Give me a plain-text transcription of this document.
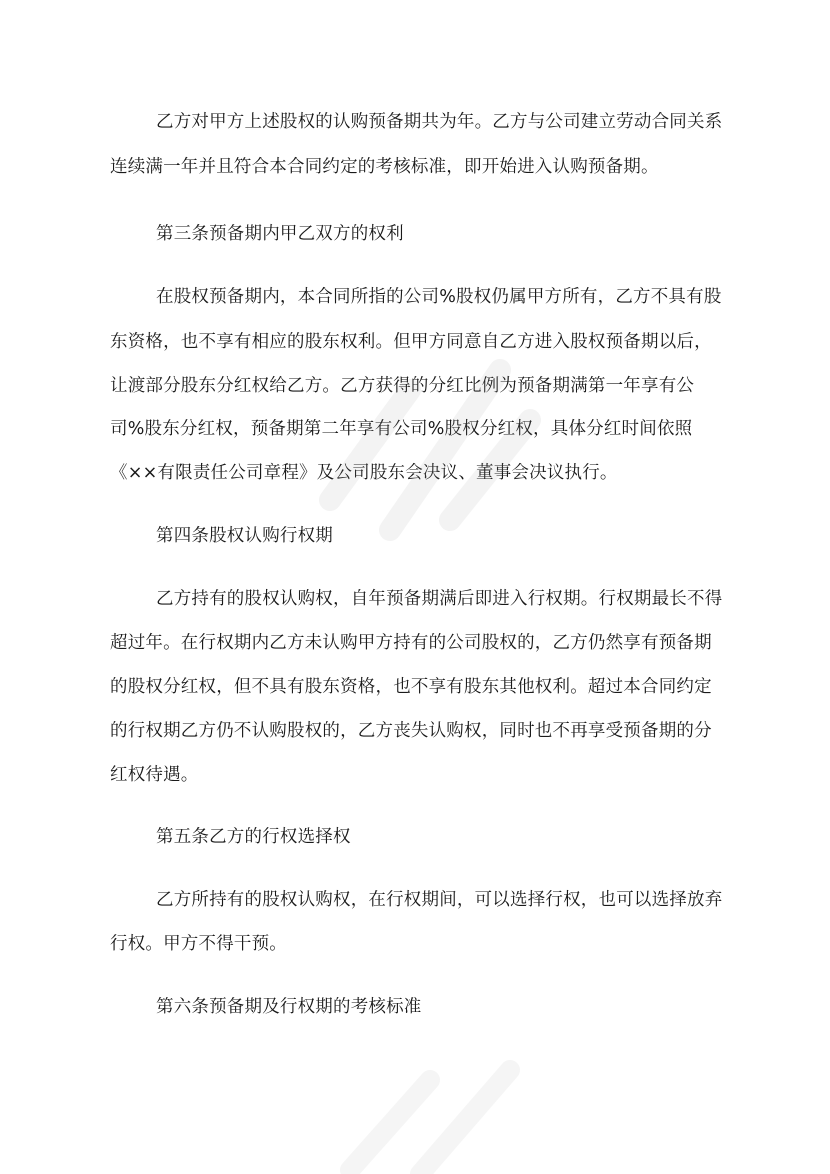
乙方对甲方上述股权的认购预备期共为年。乙方与公司建立劳动合同关系
连续满一年并且符合本合同约定的考核标准，即开始进入认购预备期。
第三条预备期内甲乙双方的权利
在股权预备期内，本合同所指的公司%股权仍属甲方所有，乙方不具有股
东资格，也不享有相应的股东权利。但甲方同意自乙方进入股权预备期以后，
让渡部分股东分红权给乙方。乙方获得的分红比例为预备期满第一年享有公
司%股东分红权，预备期第二年享有公司%股权分红权，具体分红时间依照
《××有限责任公司章程》及公司股东会决议、董事会决议执行。
第四条股权认购行权期
乙方持有的股权认购权，自年预备期满后即进入行权期。行权期最长不得
超过年。在行权期内乙方未认购甲方持有的公司股权的，乙方仍然享有预备期
的股权分红权，但不具有股东资格，也不享有股东其他权利。超过本合同约定
的行权期乙方仍不认购股权的，乙方丧失认购权，同时也不再享受预备期的分
红权待遇。
第五条乙方的行权选择权
乙方所持有的股权认购权，在行权期间，可以选择行权，也可以选择放弃
行权。甲方不得干预。
第六条预备期及行权期的考核标准
